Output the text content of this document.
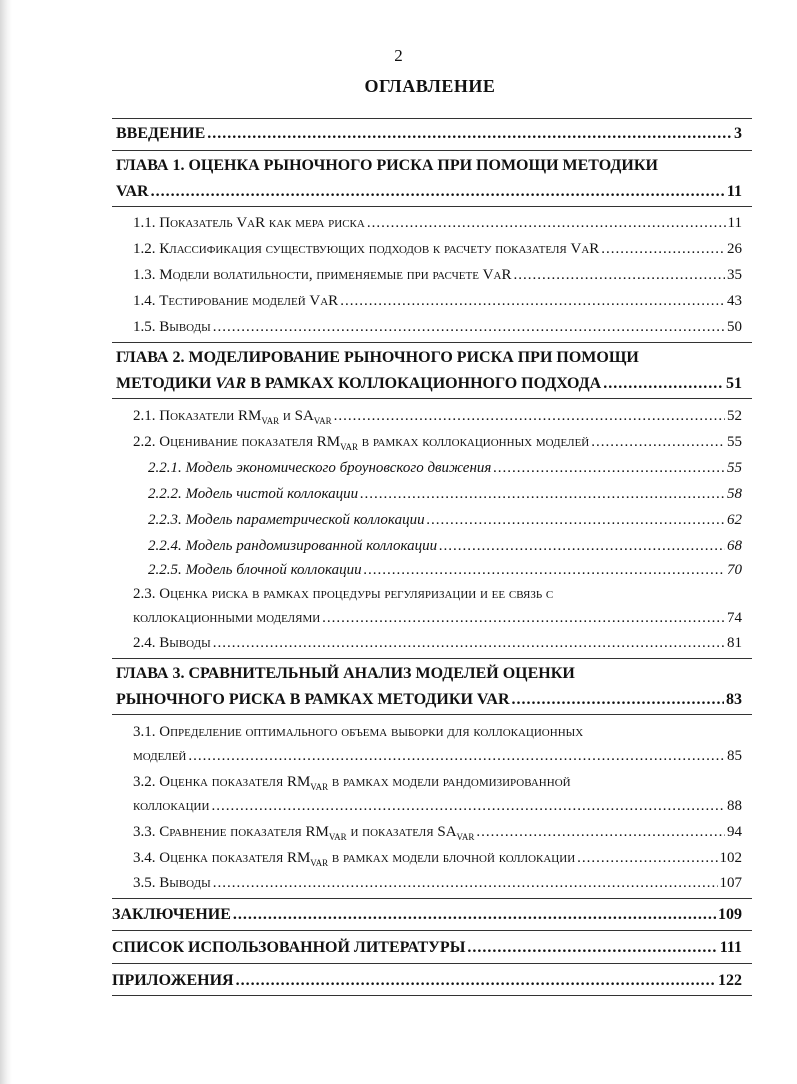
2
ОГЛАВЛЕНИЕ
ВВЕДЕНИЕ .....	3
ГЛАВА 1. ОЦЕНКА РЫНОЧНОГО РИСКА ПРИ ПОМОЩИ МЕТОДИКИ
VAR .....	11
1.1. Показатель VaR как мера риска .....	11
1.2. Классификация существующих подходов к расчету показателя VaR .....	26
1.3. Модели волатильности, применяемые при расчете VaR .....	35
1.4. Тестирование моделей VaR .....	43
1.5. Выводы .....	50
ГЛАВА 2. МОДЕЛИРОВАНИЕ РЫНОЧНОГО РИСКА ПРИ ПОМОЩИ
МЕТОДИКИ VAR В РАМКАХ КОЛЛОКАЦИОННОГО ПОДХОДА .....	51
2.1. Показатели $RM_{VAR}$ и $SA_{VAR}$ .....	52
2.2. Оценивание показателя $RM_{VAR}$ в рамках коллокационных моделей .....	55
2.2.1. Модель экономического броуновского движения .....	55
2.2.2. Модель чистой коллокации .....	58
2.2.3. Модель параметрической коллокации .....	62
2.2.4. Модель рандомизированной коллокации .....	68
2.2.5. Модель блочной коллокации .....	70
2.3. Оценка риска в рамках процедуры регуляризации и ее связь с
коллокационными моделями .....	74
2.4. Выводы .....	81
ГЛАВА 3. СРАВНИТЕЛЬНЫЙ АНАЛИЗ МОДЕЛЕЙ ОЦЕНКИ
РЫНОЧНОГО РИСКА В РАМКАХ МЕТОДИКИ VAR .....	83
3.1. Определение оптимального объема выборки для коллокационных
моделей .....	85
3.2. Оценка показателя $RM_{VAR}$ в рамках модели рандомизированной
коллокации .....	88
3.3. Сравнение показателя $RM_{VAR}$ и показателя $SA_{VAR}$ .....	94
3.4. Оценка показателя $RM_{VAR}$ в рамках модели блочной коллокации .....	102
3.5. Выводы .....	107
ЗАКЛЮЧЕНИЕ .....	109
СПИСОК ИСПОЛЬЗОВАННОЙ ЛИТЕРАТУРЫ .....	111
ПРИЛОЖЕНИЯ .....	122
